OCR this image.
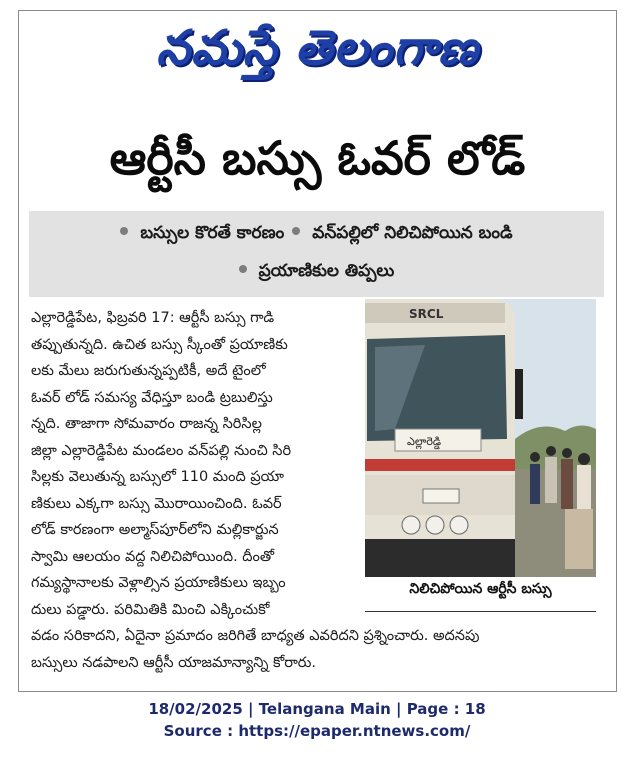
నమస్తే తెలంగాణ
ఆర్టీసీ బస్సు ఓవర్ లోడ్
బస్సుల కొరతే కారణం వన్‌పల్లిలో నిలిచిపోయిన బండి
ప్రయాణికుల తిప్పలు
ఎల్లారెడ్డిపేట, ఫిబ్రవరి 17: ఆర్టీసీ బస్సు గాడి
తప్పుతున్నది. ఉచిత బస్సు స్కీంతో ప్రయాణికు
లకు మేలు జరుగుతున్నప్పటికీ, అదే టైంలో
ఓవర్ లోడ్ సమస్య వేధిస్తూ బండి ట్రబులిస్తు
న్నది. తాజాగా సోమవారం రాజన్న సిరిసిల్ల
జిల్లా ఎల్లారెడ్డిపేట మండలం వన్‌పల్లి నుంచి సిరి
సిల్లకు వెలుతున్న బస్సులో 110 మంది ప్రయా
ణికులు ఎక్కగా బస్సు మొరాయించింది. ఓవర్
లోడ్ కారణంగా అల్మాస్‌పూర్‌లోని మల్లికార్జున
స్వామి ఆలయం వద్ద నిలిచిపోయింది. దీంతో
గమ్యస్థానాలకు వెళ్లాల్సిన ప్రయాణికులు ఇబ్బం
దులు పడ్డారు. పరిమితికి మించి ఎక్కించుకో
వడం సరికాదని, ఏదైనా ప్రమాదం జరిగితే బాధ్యత ఎవరిదని ప్రశ్నించారు. అదనపు
బస్సులు నడపాలని ఆర్టీసీ యాజమాన్యాన్ని కోరారు.
SRCL
ఎల్లారెడ్డి
నిలిచిపోయిన ఆర్టీసీ బస్సు
18/02/2025 | Telangana Main | Page : 18
Source : https://epaper.ntnews.com/
